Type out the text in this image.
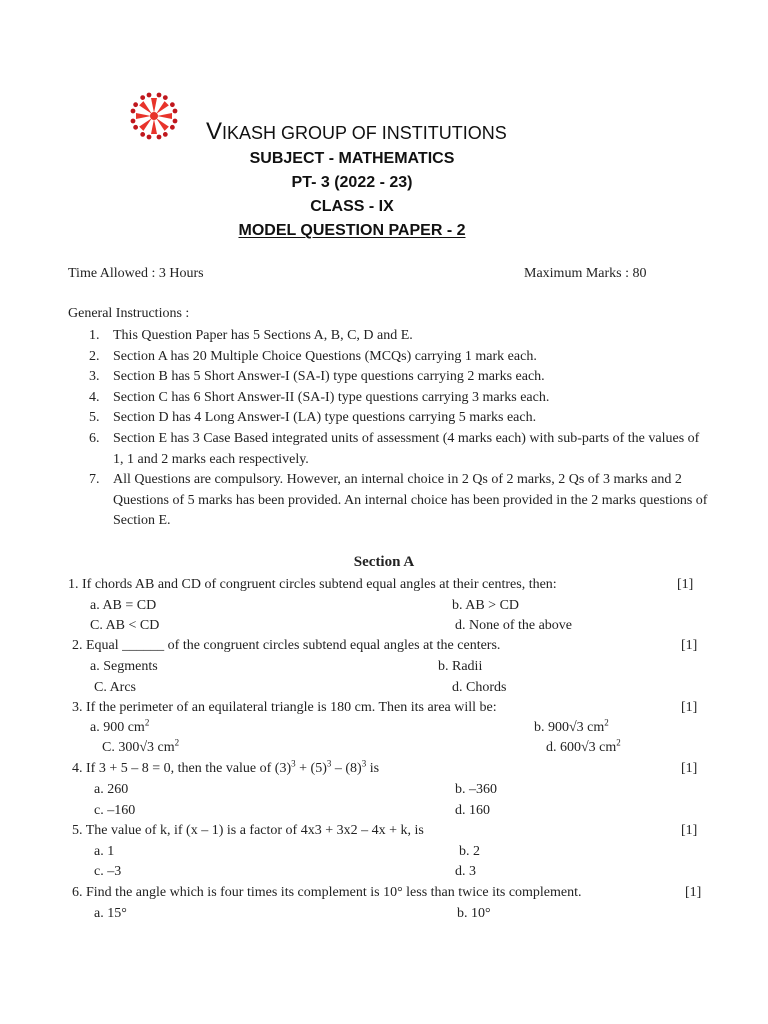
VIKASH GROUP OF INSTITUTIONS
SUBJECT - MATHEMATICS
PT- 3 (2022 - 23)
CLASS - IX
MODEL QUESTION PAPER - 2
Time Allowed : 3 Hours	Maximum Marks : 80
General Instructions :
1. This Question Paper has 5 Sections A, B, C, D and E.
2. Section A has 20 Multiple Choice Questions (MCQs) carrying 1 mark each.
3. Section B has 5 Short Answer-I (SA-I) type questions carrying 2 marks each.
4. Section C has 6 Short Answer-II (SA-I) type questions carrying 3 marks each.
5. Section D has 4 Long Answer-I (LA) type questions carrying 5 marks each.
6. Section E has 3 Case Based integrated units of assessment (4 marks each) with sub-parts of the values of 1, 1 and 2 marks each respectively.
7. All Questions are compulsory. However, an internal choice in 2 Qs of 2 marks, 2 Qs of 3 marks and 2 Questions of 5 marks has been provided. An internal choice has been provided in the 2 marks questions of Section E.
Section A
1. If chords AB and CD of congruent circles subtend equal angles at their centres, then:	[1]
a. AB = CD	b. AB > CD
C. AB < CD	d. None of the above
2. Equal ______ of the congruent circles subtend equal angles at the centers.	[1]
a. Segments	b. Radii
C. Arcs	d. Chords
3. If the perimeter of an equilateral triangle is 180 cm. Then its area will be:	[1]
a. 900 $cm^2$	b. 900√3 $cm^2$
C. 300√3 $cm^2$	d. 600√3 $cm^2$
4. If 3 + 5 – 8 = 0, then the value of $(3)^3 + (5)^3 - (8)^3$ is	[1]
a. 260	b. –360
c. –160	d. 160
5. The value of k, if (x – 1) is a factor of 4x3 + 3x2 – 4x + k, is	[1]
a. 1	b. 2
c. –3	d. 3
6. Find the angle which is four times its complement is 10° less than twice its complement.	[1]
a. 15°	b. 10°
